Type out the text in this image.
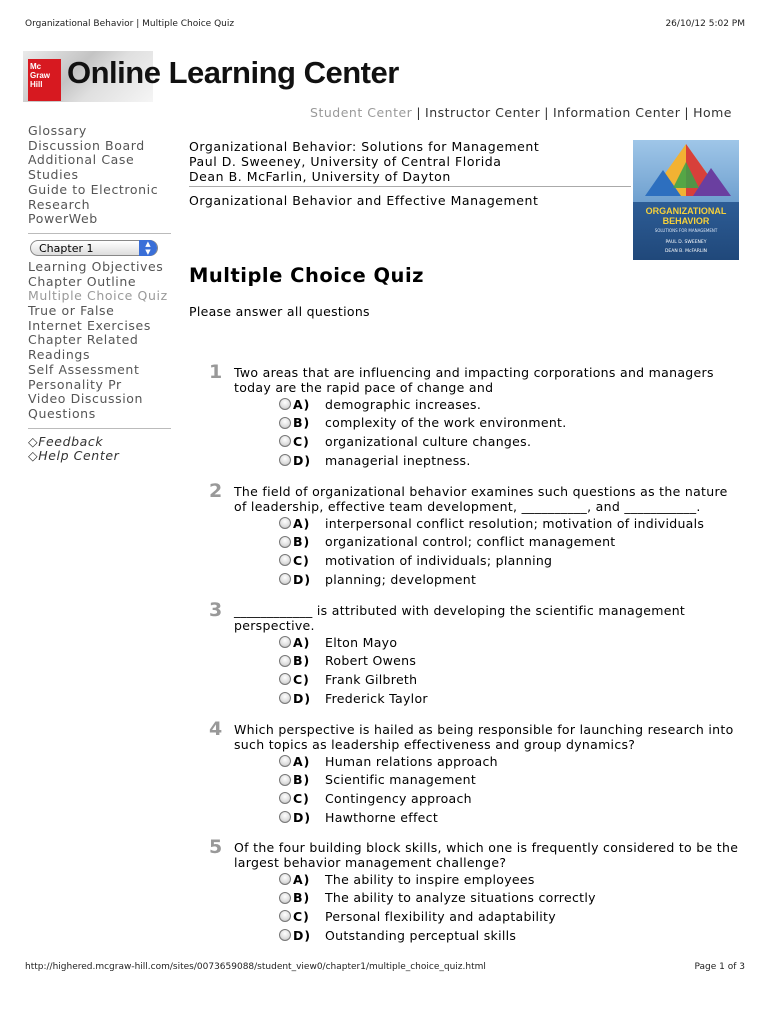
Organizational Behavior | Multiple Choice Quiz	26/10/12 5:02 PM
Mc
Graw
Hill Online Learning Center
Student Center | Instructor Center | Information Center | Home
Glossary
Discussion Board
Additional Case
Studies
Guide to Electronic
Research
PowerWeb
Chapter 1	▲
▼
Learning Objectives
Chapter Outline
Multiple Choice Quiz
True or False
Internet Exercises
Chapter Related
Readings
Self Assessment
Personality Pr
Video Discussion
Questions
◇Feedback
◇Help Center
Organizational Behavior: Solutions for Management
Paul D. Sweeney, University of Central Florida
Dean B. McFarlin, University of Dayton
Organizational Behavior and Effective Management
ORGANIZATIONAL BEHAVIOR
SOLUTIONS FOR MANAGEMENT
PAUL D. SWEENEY
DEAN B. McFARLIN
Multiple Choice Quiz
Please answer all questions
1 Two areas that are influencing and impacting corporations and managers today are the rapid pace of change and
A)	demographic increases.
B)	complexity of the work environment.
C)	organizational culture changes.
D)	managerial ineptness.
2 The field of organizational behavior examines such questions as the nature of leadership, effective team development, __________, and ___________.
A)	interpersonal conflict resolution; motivation of individuals
B)	organizational control; conflict management
C)	motivation of individuals; planning
D)	planning; development
3 ____________ is attributed with developing the scientific management perspective.
A)	Elton Mayo
B)	Robert Owens
C)	Frank Gilbreth
D)	Frederick Taylor
4 Which perspective is hailed as being responsible for launching research into such topics as leadership effectiveness and group dynamics?
A)	Human relations approach
B)	Scientific management
C)	Contingency approach
D)	Hawthorne effect
5 Of the four building block skills, which one is frequently considered to be the largest behavior management challenge?
A)	The ability to inspire employees
B)	The ability to analyze situations correctly
C)	Personal flexibility and adaptability
D)	Outstanding perceptual skills
http://highered.mcgraw-hill.com/sites/0073659088/student_view0/chapter1/multiple_choice_quiz.html	Page 1 of 3
